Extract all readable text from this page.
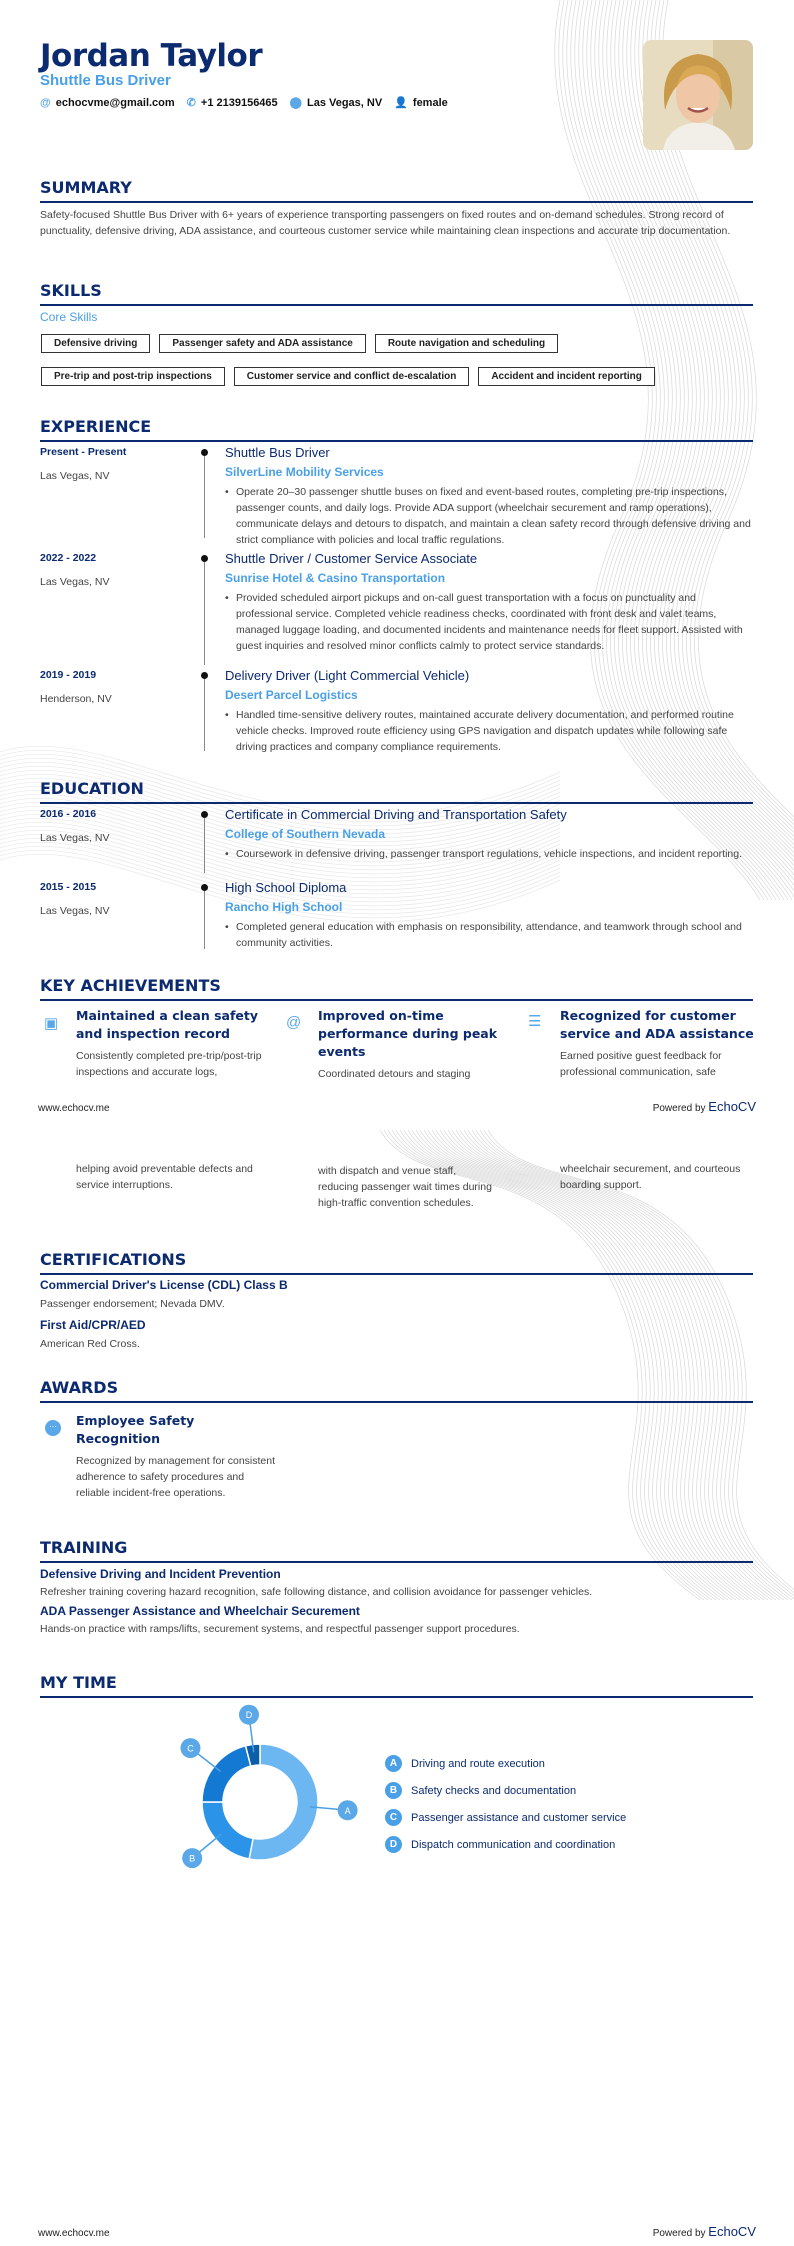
Jordan Taylor
Shuttle Bus Driver
@ echocvme@gmail.com ✆ +1 2139156465 ⬤ Las Vegas, NV 👤 female
SUMMARY
Safety-focused Shuttle Bus Driver with 6+ years of experience transporting passengers on fixed routes and on-demand schedules. Strong record of punctuality, defensive driving, ADA assistance, and courteous customer service while maintaining clean inspections and accurate trip documentation.
SKILLS
Core Skills
Defensive driving	Passenger safety and ADA assistance	Route navigation and scheduling
Pre-trip and post-trip inspections	Customer service and conflict de-escalation	Accident and incident reporting
EXPERIENCE
Present - Present
Las Vegas, NV
Shuttle Bus Driver
SilverLine Mobility Services
• Operate 20–30 passenger shuttle buses on fixed and event-based routes, completing pre-trip inspections, passenger counts, and daily logs. Provide ADA support (wheelchair securement and ramp operations), communicate delays and detours to dispatch, and maintain a clean safety record through defensive driving and strict compliance with policies and local traffic regulations.
2022 - 2022
Las Vegas, NV
Shuttle Driver / Customer Service Associate
Sunrise Hotel & Casino Transportation
• Provided scheduled airport pickups and on-call guest transportation with a focus on punctuality and professional service. Completed vehicle readiness checks, coordinated with front desk and valet teams, managed luggage loading, and documented incidents and maintenance needs for fleet support. Assisted with guest inquiries and resolved minor conflicts calmly to protect service standards.
2019 - 2019
Henderson, NV
Delivery Driver (Light Commercial Vehicle)
Desert Parcel Logistics
• Handled time-sensitive delivery routes, maintained accurate delivery documentation, and performed routine vehicle checks. Improved route efficiency using GPS navigation and dispatch updates while following safe driving practices and company compliance requirements.
EDUCATION
2016 - 2016
Las Vegas, NV
Certificate in Commercial Driving and Transportation Safety
College of Southern Nevada
• Coursework in defensive driving, passenger transport regulations, vehicle inspections, and incident reporting.
2015 - 2015
Las Vegas, NV
High School Diploma
Rancho High School
• Completed general education with emphasis on responsibility, attendance, and teamwork through school and community activities.
KEY ACHIEVEMENTS
▣ Maintained a clean safety and inspection record
Consistently completed pre-trip/post-trip inspections and accurate logs,
@ Improved on-time performance during peak events
Coordinated detours and staging
☰ Recognized for customer service and ADA assistance
Earned positive guest feedback for professional communication, safe
www.echocv.me	Powered by EchoCV
helping avoid preventable defects and service interruptions.
with dispatch and venue staff, reducing passenger wait times during high-traffic convention schedules.
wheelchair securement, and courteous boarding support.
CERTIFICATIONS
Commercial Driver's License (CDL) Class B
Passenger endorsement; Nevada DMV.
First Aid/CPR/AED
American Red Cross.
AWARDS
···	Employee Safety Recognition
Recognized by management for consistent adherence to safety procedures and reliable incident-free operations.
TRAINING
Defensive Driving and Incident Prevention
Refresher training covering hazard recognition, safe following distance, and collision avoidance for passenger vehicles.
ADA Passenger Assistance and Wheelchair Securement
Hands-on practice with ramps/lifts, securement systems, and respectful passenger support procedures.
MY TIME
A
B
C
D
A	Driving and route execution
B	Safety checks and documentation
C	Passenger assistance and customer service
D	Dispatch communication and coordination
www.echocv.me	Powered by EchoCV
